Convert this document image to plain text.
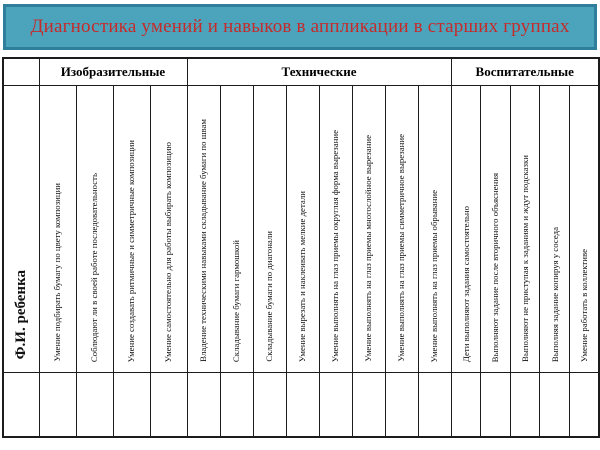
Диагностика умений и навыков в аппликации в старших группах
	Изобразительные				Технические								Воспитательные				
Ф.И. ребенка	Умение подбирать бумагу по цвету композиции	Соблюдают ли в своей работе последовательность	Умение создавать ритмичные и симметричные композиции	Умение самостоятельно для работы выбирать композицию	Владение техническими навыками складывание бумаги по швам	Складывание бумаги гармошкой	Складывание бумаги по диагонали	Умение вырезать и наклеивать мелкие детали	Умение выполнять на глаз приемы округлая форма вырезание	Умение выполнять на глаз приемы многослойное вырезание	Умение выполнять на глаз приемы симметричное вырезание	Умение выполнять на глаз приемы обрывание	Дети выполняют задания самостоятельно	Выполняют задание после вторичного объяснения	Выполняют не приступая к заданиям и ждут подсказки	Выполняя задание копируя у соседа	Умение работать в коллективе
